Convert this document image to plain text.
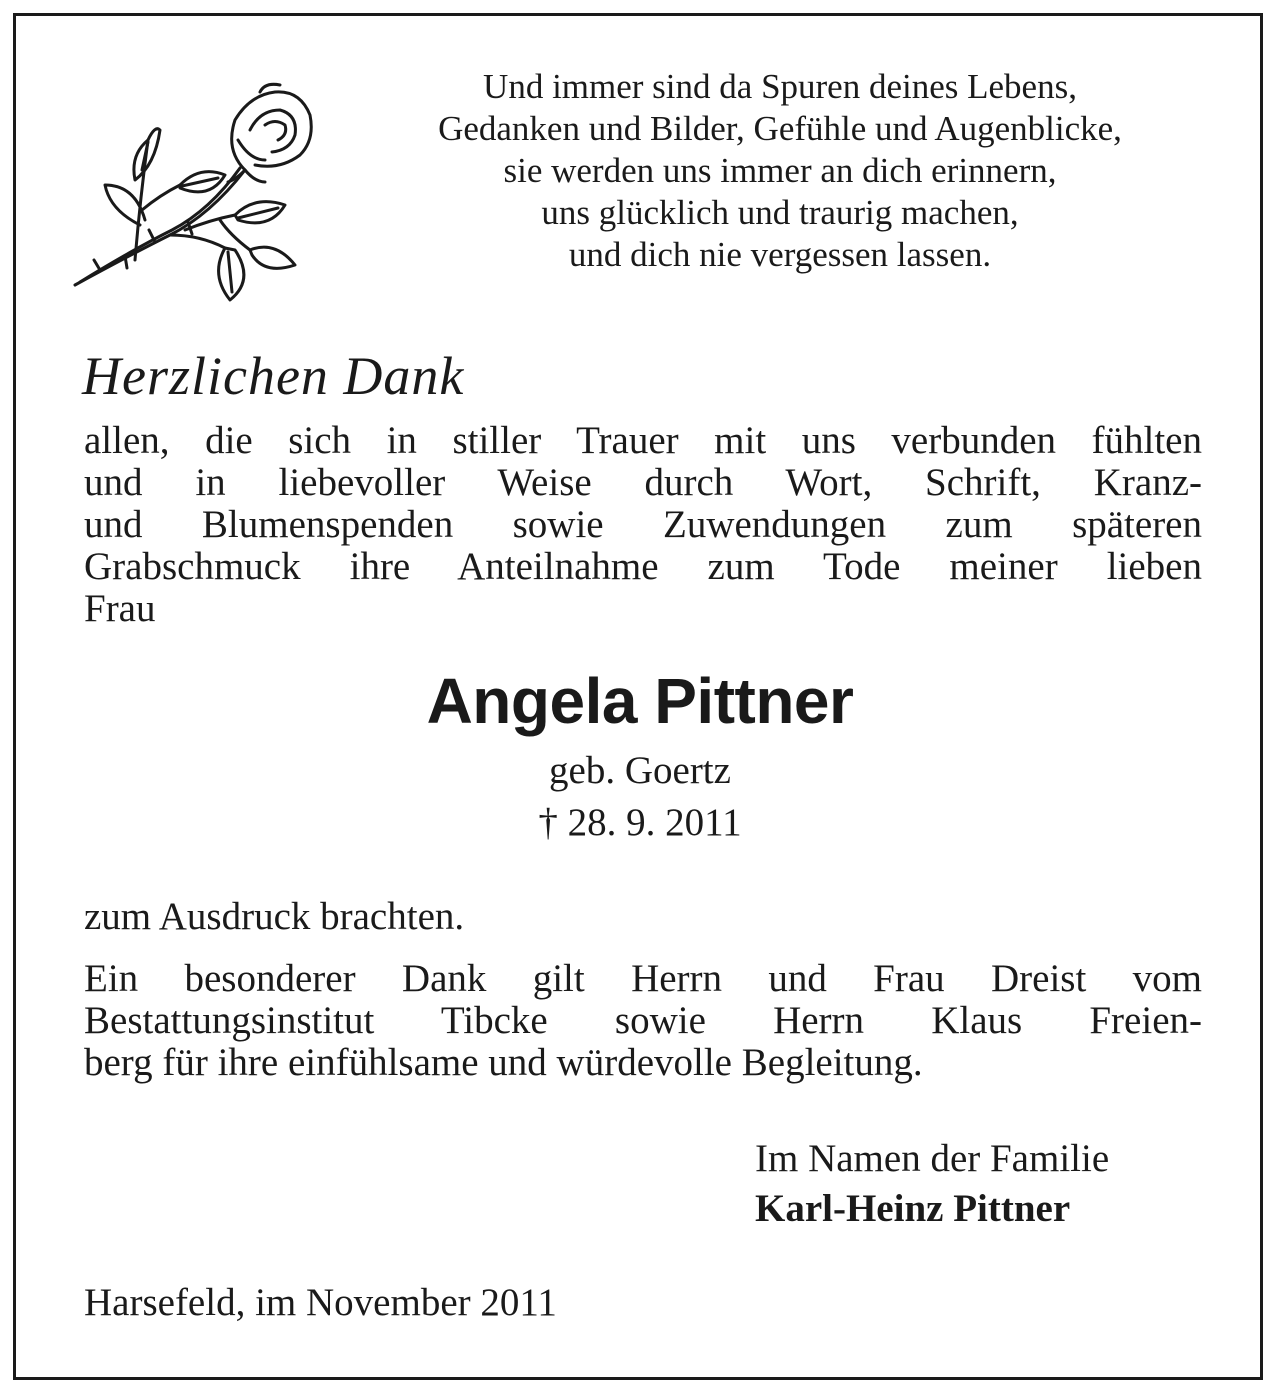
Und immer sind da Spuren deines Lebens,
Gedanken und Bilder, Gefühle und Augenblicke,
sie werden uns immer an dich erinnern,
uns glücklich und traurig machen,
und dich nie vergessen lassen.
Herzlichen Dank
allen, die sich in stiller Trauer mit uns verbunden fühlten
und in liebevoller Weise durch Wort, Schrift, Kranz-
und Blumenspenden sowie Zuwendungen zum späteren
Grabschmuck ihre Anteilnahme zum Tode meiner lieben
Frau
Angela Pittner
geb. Goertz
† 28. 9. 2011
zum Ausdruck brachten.
Ein besonderer Dank gilt Herrn und Frau Dreist vom
Bestattungsinstitut Tibcke sowie Herrn Klaus Freien-
berg für ihre einfühlsame und würdevolle Begleitung.
Im Namen der Familie
Karl-Heinz Pittner
Harsefeld, im November 2011
